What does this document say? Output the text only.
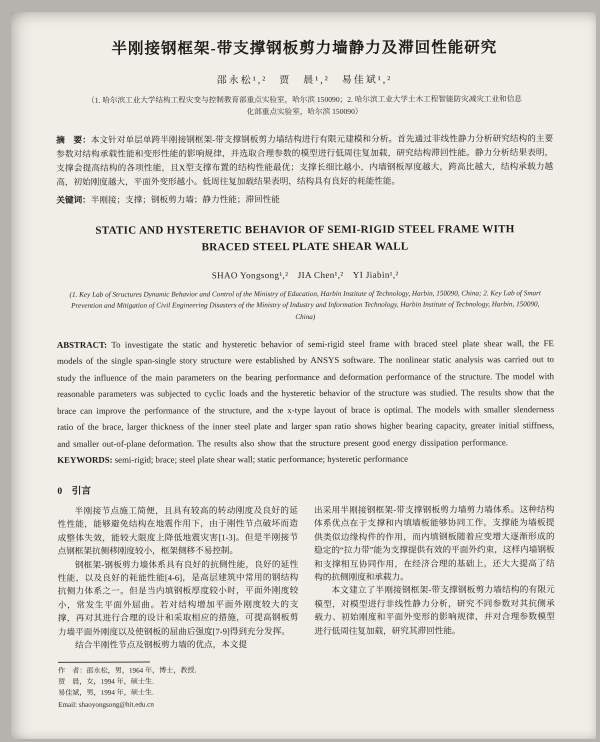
半刚接钢框架-带支撑钢板剪力墙静力及滞回性能研究
邵永松¹,²　贾　晨¹,²　易佳斌¹,²
（1. 哈尔滨工业大学结构工程灾变与控制教育部重点实验室，哈尔滨 150090；2. 哈尔滨工业大学土木工程智能防灾减灾工业和信息化部重点实验室，哈尔滨 150090）

摘　要：本文针对单层单跨半刚接钢框架-带支撑钢板剪力墙结构进行有限元建模和分析。首先通过非线性静力分析研究结构的主要参数对结构承载性能和变形性能的影响规律，并选取合理参数的模型进行低周往复加载，研究结构滞回性能。静力分析结果表明，支撑会提高结构的各项性能，且X型支撑布置的结构性能最优；支撑长细比越小，内墙钢板厚度越大，跨高比越大，结构承载力越高，初始刚度越大，平面外变形越小。低周往复加载结果表明，结构具有良好的耗能性能。

关键词：半刚接；支撑；钢板剪力墙；静力性能；滞回性能

STATIC AND HYSTERETIC BEHAVIOR OF SEMI-RIGID STEEL FRAME WITH BRACED STEEL PLATE SHEAR WALL
SHAO Yongsong¹,²　JIA Chen¹,²　YI Jiabin¹,²
(1. Key Lab of Structures Dynamic Behavior and Control of the Ministry of Education, Harbin Institute of Technology, Harbin, 150090, China; 2. Key Lab of Smart Prevention and Mitigation of Civil Engineering Disasters of the Ministry of Industry and Information Technology, Harbin Institute of Technology, Harbin, 150090, China)

ABSTRACT: To investigate the static and hysteretic behavior of semi-rigid steel frame with braced steel plate shear wall, the FE models of the single span-single story structure were established by ANSYS software. The nonlinear static analysis was carried out to study the influence of the main parameters on the bearing performance and deformation performance of the structure. The model with reasonable parameters was subjected to cyclic loads and the hysteretic behavior of the structure was studied. The results show that the brace can improve the performance of the structure, and the x-type layout of brace is optimal. The models with smaller slenderness ratio of the brace, larger thickness of the inner steel plate and larger span ratio shows higher bearing capacity, greater initial stiffness, and smaller out-of-plane deformation. The results also show that the structure present good energy dissipation performance.

KEYWORDS: semi-rigid; brace; steel plate shear wall; static performance; hysteretic performance

0　引言

半刚接节点施工简便，且具有较高的转动刚度及良好的延性性能，能够避免结构在地震作用下，由于刚性节点破坏而造成整体失效，能较大限度上降低地震灾害[1-3]。但是半刚接节点钢框架抗侧移刚度较小，框架侧移不易控制。

钢框架-钢板剪力墙体系具有良好的抗侧性能，良好的延性性能，以及良好的耗能性能[4-6]，是高层建筑中常用的钢结构抗侧力体系之一。但是当内填钢板厚度较小时，平面外刚度较小，常发生平面外屈曲。若对结构增加平面外刚度较大的支撑，再对其进行合理的设计和采取相应的措施，可提高钢板剪力墙平面外刚度以及使钢板的屈曲后强度[7-9]得到充分发挥。

结合半刚性节点及钢板剪力墙的优点，本文提

作　者：邵永松，男，1964 年，博士，教授.
贾　晨，女，1994 年，硕士生.
易佳斌，男，1994 年，硕士生.
Email: shaoyongsong@hit.edu.cn

出采用半刚接钢框架-带支撑钢板剪力墙剪力墙体系。这种结构体系优点在于支撑和内填墙板能够协同工作，支撑能为墙板提供类似边缘构件的作用，而内填钢板随着应变增大逐渐形成的稳定的“拉力带”能为支撑提供有效的平面外约束，这样内墙钢板和支撑相互协同作用，在经济合理的基础上，还大大提高了结构的抗侧刚度和承载力。

本文建立了半刚接钢框架-带支撑钢板剪力墙结构的有限元模型，对模型进行非线性静力分析，研究不同参数对其抗侧承载力、初始刚度和平面外变形的影响规律，并对合理参数模型进行低周往复加载，研究其滞回性能。
